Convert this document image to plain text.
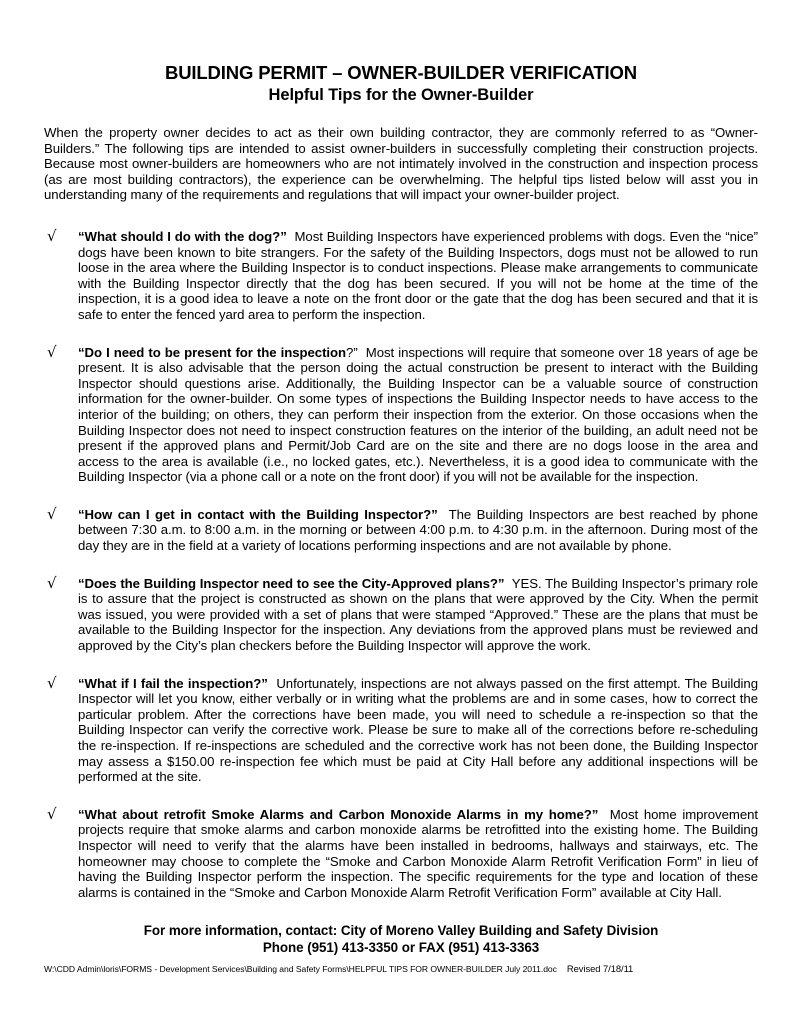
BUILDING PERMIT – OWNER-BUILDER VERIFICATION
Helpful Tips for the Owner-Builder

When the property owner decides to act as their own building contractor, they are commonly referred to as “Owner-Builders.” The following tips are intended to assist owner-builders in successfully completing their construction projects. Because most owner-builders are homeowners who are not intimately involved in the construction and inspection process (as are most building contractors), the experience can be overwhelming. The helpful tips listed below will asst you in understanding many of the requirements and regulations that will impact your owner-builder project.

√ “What should I do with the dog?” Most Building Inspectors have experienced problems with dogs. Even the “nice” dogs have been known to bite strangers. For the safety of the Building Inspectors, dogs must not be allowed to run loose in the area where the Building Inspector is to conduct inspections. Please make arrangements to communicate with the Building Inspector directly that the dog has been secured. If you will not be home at the time of the inspection, it is a good idea to leave a note on the front door or the gate that the dog has been secured and that it is safe to enter the fenced yard area to perform the inspection.

√ “Do I need to be present for the inspection?” Most inspections will require that someone over 18 years of age be present. It is also advisable that the person doing the actual construction be present to interact with the Building Inspector should questions arise. Additionally, the Building Inspector can be a valuable source of construction information for the owner-builder. On some types of inspections the Building Inspector needs to have access to the interior of the building; on others, they can perform their inspection from the exterior. On those occasions when the Building Inspector does not need to inspect construction features on the interior of the building, an adult need not be present if the approved plans and Permit/Job Card are on the site and there are no dogs loose in the area and access to the area is available (i.e., no locked gates, etc.). Nevertheless, it is a good idea to communicate with the Building Inspector (via a phone call or a note on the front door) if you will not be available for the inspection.

√ “How can I get in contact with the Building Inspector?” The Building Inspectors are best reached by phone between 7:30 a.m. to 8:00 a.m. in the morning or between 4:00 p.m. to 4:30 p.m. in the afternoon. During most of the day they are in the field at a variety of locations performing inspections and are not available by phone.

√ “Does the Building Inspector need to see the City-Approved plans?” YES. The Building Inspector’s primary role is to assure that the project is constructed as shown on the plans that were approved by the City. When the permit was issued, you were provided with a set of plans that were stamped “Approved.” These are the plans that must be available to the Building Inspector for the inspection. Any deviations from the approved plans must be reviewed and approved by the City’s plan checkers before the Building Inspector will approve the work.

√ “What if I fail the inspection?” Unfortunately, inspections are not always passed on the first attempt. The Building Inspector will let you know, either verbally or in writing what the problems are and in some cases, how to correct the particular problem. After the corrections have been made, you will need to schedule a re-inspection so that the Building Inspector can verify the corrective work. Please be sure to make all of the corrections before re-scheduling the re-inspection. If re-inspections are scheduled and the corrective work has not been done, the Building Inspector may assess a $150.00 re-inspection fee which must be paid at City Hall before any additional inspections will be performed at the site.

√ “What about retrofit Smoke Alarms and Carbon Monoxide Alarms in my home?” Most home improvement projects require that smoke alarms and carbon monoxide alarms be retrofitted into the existing home. The Building Inspector will need to verify that the alarms have been installed in bedrooms, hallways and stairways, etc. The homeowner may choose to complete the “Smoke and Carbon Monoxide Alarm Retrofit Verification Form” in lieu of having the Building Inspector perform the inspection. The specific requirements for the type and location of these alarms is contained in the “Smoke and Carbon Monoxide Alarm Retrofit Verification Form” available at City Hall.

For more information, contact: City of Moreno Valley Building and Safety Division
Phone (951) 413-3350 or FAX (951) 413-3363
W:\CDD Admin\loris\FORMS - Development Services\Building and Safety Forms\HELPFUL TIPS FOR OWNER-BUILDER July 2011.doc Revised 7/18/11
